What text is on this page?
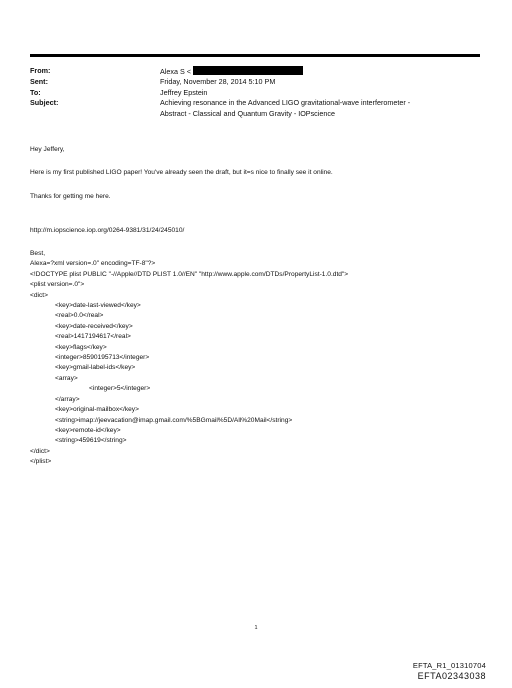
From:	Alexa S <
Sent:	Friday, November 28, 2014 5:10 PM
To:	Jeffrey Epstein
Subject:	Achieving resonance in the Advanced LIGO gravitational-wave interferometer -
Abstract - Classical and Quantum Gravity - IOPscience

Hey Jeffery,

Here is my first published LIGO paper! You've already seen the draft, but it=s nice to finally see it online.

Thanks for getting me here.

http://m.iopscience.iop.org/0264-9381/31/24/245010/

Best,

Alexa=?xml version=.0" encoding=TF-8"?>

<!DOCTYPE plist PUBLIC "-//Apple//DTD PLIST 1.0//EN" "http://www.apple.com/DTDs/PropertyList-1.0.dtd">

<plist version=.0">

<dict>

<key>date-last-viewed</key>

<real>0.0</real>

<key>date-received</key>

<real>1417194617</real>

<key>flags</key>

<integer>8590195713</integer>

<key>gmail-label-ids</key>

<array>

<integer>5</integer>

</array>

<key>original-mailbox</key>

<string>imap://jeevacation@imap.gmail.com/%5BGmail%5D/All%20Mail</string>

<key>remote-id</key>

<string>459619</string>

</dict>

</plist>

1
EFTA_R1_01310704
EFTA02343038
